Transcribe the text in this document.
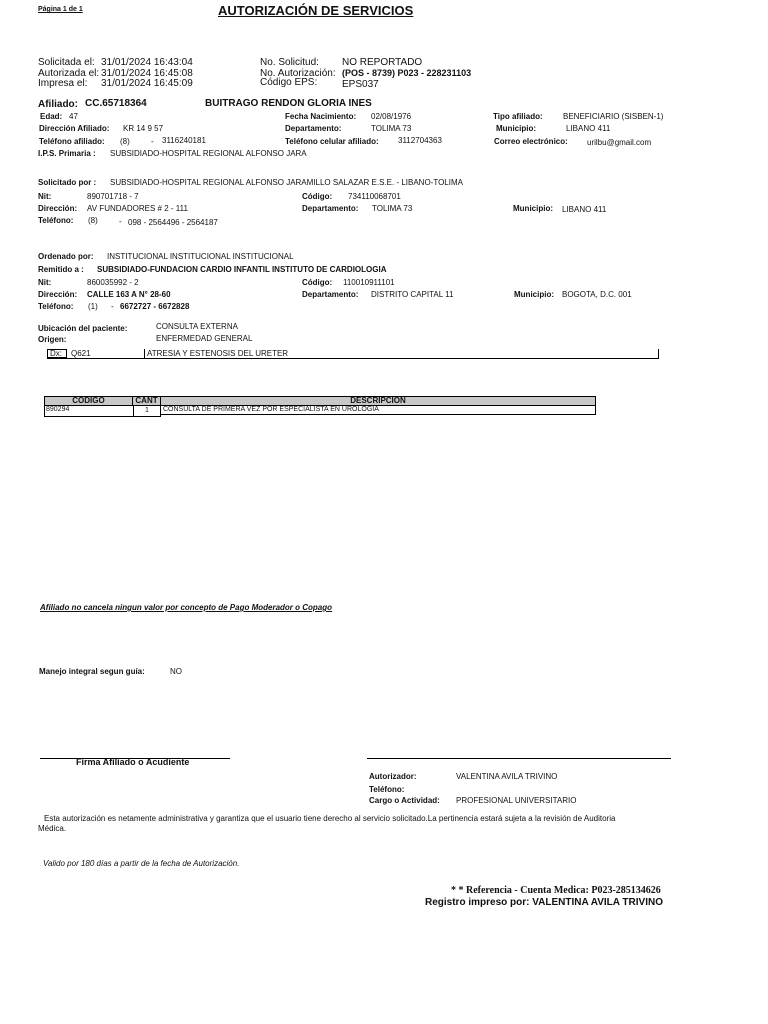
Página 1 de 1	AUTORIZACIÓN DE SERVICIOS
Solicitada el: 31/01/2024 16:43:04
Autorizada el: 31/01/2024 16:45:08
Impresa el: 31/01/2024 16:45:09
No. Solicitud: NO REPORTADO
No. Autorización: (POS - 8739) P023 - 228231103
Código EPS: EPS037
Afiliado: CC.65718364	BUITRAGO RENDON GLORIA INES
Edad: 47	Fecha Nacimiento: 02/08/1976	Tipo afiliado:	BENEFICIARIO (SISBEN-1)
Dirección Afiliado: KR 14 9 57	Departamento:	TOLIMA 73	Municipio:	LIBANO 411
Teléfono afiliado: (8)	- 3116240181	Teléfono celular afiliado: 3112704363	Correo electrónico: urilbu@gmail.com
I.P.S. Primaria : SUBSIDIADO-HOSPITAL REGIONAL ALFONSO JARA
Solicitado por : SUBSIDIADO-HOSPITAL REGIONAL ALFONSO JARAMILLO SALAZAR E.S.E. - LIBANO-TOLIMA
Nit:	890701718 - 7	Código: 734110068701
Dirección: AV FUNDADORES # 2 - 111	Departamento: TOLIMA 73	Municipio: LIBANO 411
Teléfono: (8)	- 098 - 2564496 - 2564187
Ordenado por: INSTITUCIONAL INSTITUCIONAL INSTITUCIONAL
Remitido a : SUBSIDIADO-FUNDACION CARDIO INFANTIL INSTITUTO DE CARDIOLOGIA
Nit:	860035992 - 2	Código: 110010911101
Dirección: CALLE 163 A N° 28-60	Departamento: DISTRITO CAPITAL 11	Municipio: BOGOTA, D.C. 001
Teléfono: (1) - 6672727 - 6672828
Ubicación del paciente:	CONSULTA EXTERNA
Origen:	ENFERMEDAD GENERAL
Dx: Q621	ATRESIA Y ESTENOSIS DEL URETER
CODIGO	CANT	DESCRIPCION
890294	1	CONSULTA DE PRIMERA VEZ POR ESPECIALISTA EN UROLOGIA
Afiliado no cancela ningun valor por concepto de Pago Moderador o Copago
Manejo integral segun guía:	NO
Firma Afiliado o Acudiente
Autorizador:	VALENTINA AVILA TRIVINO
Teléfono:
Cargo o Actividad: PROFESIONAL UNIVERSITARIO
Esta autorización es netamente administrativa y garantiza que el usuario tiene derecho al servicio solicitado.La pertinencia estará sujeta a la revisión de Auditoria Médica.
Valido por 180 días a partir de la fecha de Autorización.
* * Referencia - Cuenta Medica: P023-285134626
Registro impreso por: VALENTINA AVILA TRIVINO
